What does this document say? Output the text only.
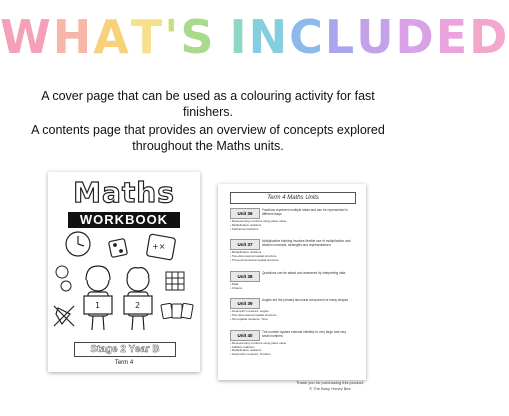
WHAT'S INCLUDED

A cover page that can be used as a colouring activity for fast finishers.

A contents page that provides an overview of concepts explored throughout the Maths units.

Maths
WORKBOOK
+×
1	2
Stage 2 Year B
Term 4
Term 4 Maths Units
Unit 36
Fractions represent multiple ideas and can be represented in different ways
• Representing numbers using place value
• Multiplicative relations
• Partitioned fractions
Unit 37
Multiplicative thinking involves flexible use of multiplication and division concepts, strategies and representations
• Multiplicative relations
• Two-dimensional spatial structure
• Three-dimensional spatial structure
Unit 38
Questions can be asked and answered by interpreting data
• Data
• Chance
Unit 39
Angles are the primary structural component of many shapes
• Geometric measure: angles
• Two-dimensional spatial structure
• Non-spatial measure: Time
Unit 40
The number system extends infinitely to very large and very small numbers
• Representing numbers using place value
• Additive relations
• Multiplicative relations
• Geometric measure: Position
Thank you for purchasing this product.
© The Busy Honey Bee
